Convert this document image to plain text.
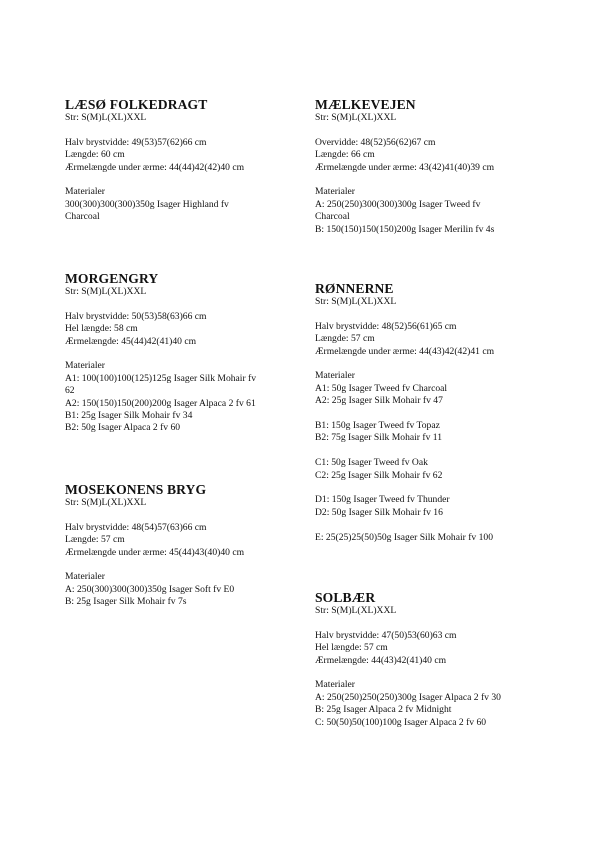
LÆSØ FOLKEDRAGT

Str: S(M)L(XL)XXL

Halv brystvidde: 49(53)57(62)66 cm

Længde: 60 cm

Ærmelængde under ærme: 44(44)42(42)40 cm

Materialer

300(300)300(300)350g Isager Highland fv

Charcoal

MORGENGRY

Str: S(M)L(XL)XXL

Halv brystvidde: 50(53)58(63)66 cm

Hel længde: 58 cm

Ærmelængde: 45(44)42(41)40 cm

Materialer

A1: 100(100)100(125)125g Isager Silk Mohair fv

62

A2: 150(150)150(200)200g Isager Alpaca 2 fv 61

B1: 25g Isager Silk Mohair fv 34

B2: 50g Isager Alpaca 2 fv 60

MOSEKONENS BRYG

Str: S(M)L(XL)XXL

Halv brystvidde: 48(54)57(63)66 cm

Længde: 57 cm

Ærmelængde under ærme: 45(44)43(40)40 cm

Materialer

A: 250(300)300(300)350g Isager Soft fv E0

B: 25g Isager Silk Mohair fv 7s

MÆLKEVEJEN

Str: S(M)L(XL)XXL

Overvidde: 48(52)56(62)67 cm

Længde: 66 cm

Ærmelængde under ærme: 43(42)41(40)39 cm

Materialer

A: 250(250)300(300)300g Isager Tweed fv

Charcoal

B: 150(150)150(150)200g Isager Merilin fv 4s

RØNNERNE

Str: S(M)L(XL)XXL

Halv brystvidde: 48(52)56(61)65 cm

Længde: 57 cm

Ærmelængde under ærme: 44(43)42(42)41 cm

Materialer

A1: 50g Isager Tweed fv Charcoal

A2: 25g Isager Silk Mohair fv 47

B1: 150g Isager Tweed fv Topaz

B2: 75g Isager Silk Mohair fv 11

C1: 50g Isager Tweed fv Oak

C2: 25g Isager Silk Mohair fv 62

D1: 150g Isager Tweed fv Thunder

D2: 50g Isager Silk Mohair fv 16

E: 25(25)25(50)50g Isager Silk Mohair fv 100

SOLBÆR

Str: S(M)L(XL)XXL

Halv brystvidde: 47(50)53(60)63 cm

Hel længde: 57 cm

Ærmelængde: 44(43)42(41)40 cm

Materialer

A: 250(250)250(250)300g Isager Alpaca 2 fv 30

B: 25g Isager Alpaca 2 fv Midnight

C: 50(50)50(100)100g Isager Alpaca 2 fv 60
